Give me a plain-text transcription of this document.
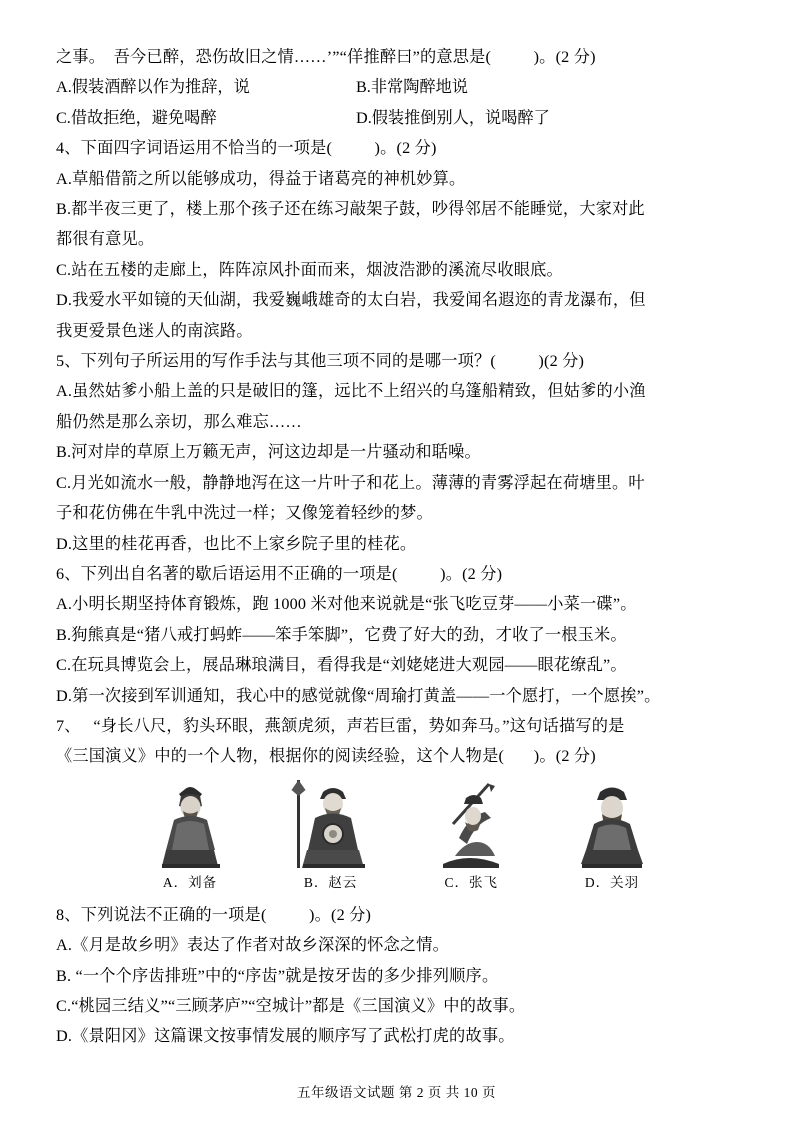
之事。  吾今已醉，恐伤故旧之情……’”“佯推醉曰”的意思是(          )。(2 分)
A.假装酒醉以作为推辞，说	B.非常陶醉地说
C.借故拒绝，避免喝醉	D.假装推倒别人，说喝醉了
4、下面四字词语运用不恰当的一项是(          )。(2 分)
A.草船借箭之所以能够成功，得益于诸葛亮的神机妙算。
B.都半夜三更了，楼上那个孩子还在练习敲架子鼓，吵得邻居不能睡觉，大家对此
都很有意见。
C.站在五楼的走廊上，阵阵凉风扑面而来，烟波浩渺的溪流尽收眼底。
D.我爱水平如镜的天仙湖，我爱巍峨雄奇的太白岩，我爱闻名遐迩的青龙瀑布，但
我更爱景色迷人的南滨路。
5、下列句子所运用的写作手法与其他三项不同的是哪一项？(          )(2 分)
A.虽然姑爹小船上盖的只是破旧的篷，远比不上绍兴的乌篷船精致，但姑爹的小渔
船仍然是那么亲切，那么难忘……
B.河对岸的草原上万籁无声，河这边却是一片骚动和聒噪。
C.月光如流水一般，静静地泻在这一片叶子和花上。薄薄的青雾浮起在荷塘里。叶
子和花仿佛在牛乳中洗过一样；又像笼着轻纱的梦。
D.这里的桂花再香，也比不上家乡院子里的桂花。
6、下列出自名著的歇后语运用不正确的一项是(          )。(2 分)
A.小明长期坚持体育锻炼，跑 1000 米对他来说就是“张飞吃豆芽——小菜一碟”。
B.狗熊真是“猪八戒打蚂蚱——笨手笨脚”，它费了好大的劲，才收了一根玉米。
C.在玩具博览会上，展品琳琅满目，看得我是“刘姥姥进大观园——眼花缭乱”。
D.第一次接到军训通知，我心中的感觉就像“周瑜打黄盖——一个愿打，一个愿挨”。
7、   “身长八尺，豹头环眼，燕颔虎须，声若巨雷，势如奔马。”这句话描写的是
《三国演义》中的一个人物，根据你的阅读经验，这个人物是(       )。(2 分)
A．刘备	B．赵云	C．张飞	D．关羽
8、下列说法不正确的一项是(          )。(2 分)
A.《月是故乡明》表达了作者对故乡深深的怀念之情。
B. “一个个序齿排班”中的“序齿”就是按牙齿的多少排列顺序。
C.“桃园三结义”“三顾茅庐”“空城计”都是《三国演义》中的故事。
D.《景阳冈》这篇课文按事情发展的顺序写了武松打虎的故事。
五年级语文试题 第 2 页 共 10 页
